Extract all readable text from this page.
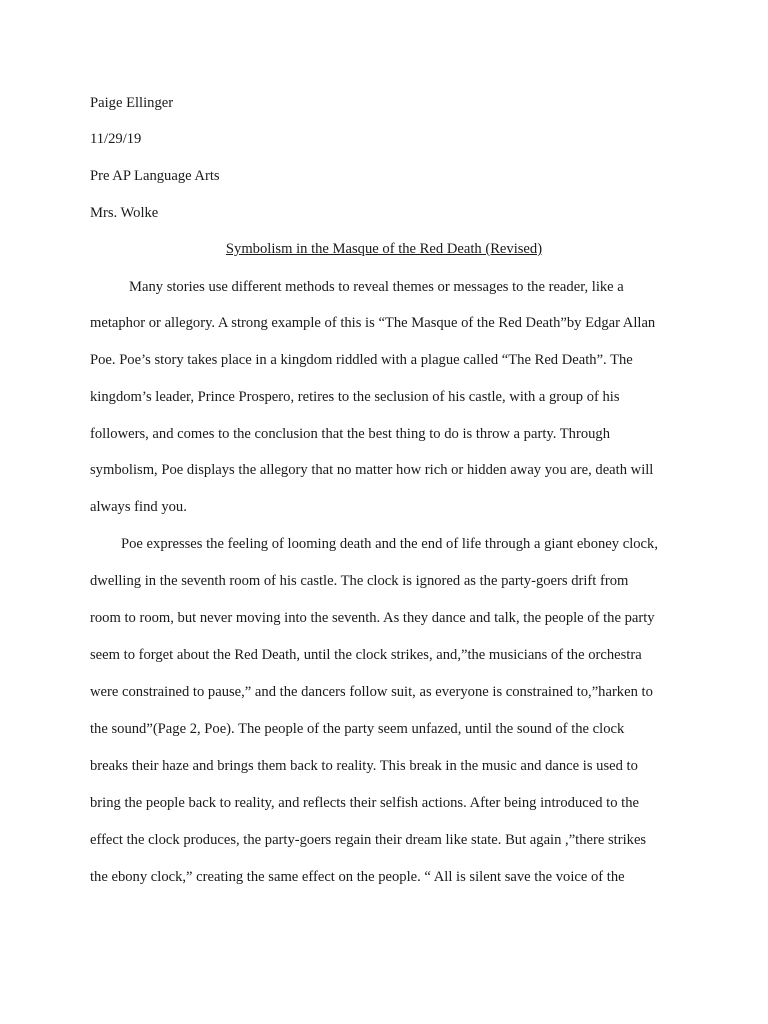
Paige Ellinger
11/29/19
Pre AP Language Arts
Mrs. Wolke
Symbolism in the Masque of the Red Death (Revised)
Many stories use different methods to reveal themes or messages to the reader, like a
metaphor or allegory. A strong example of this is “The Masque of the Red Death”by Edgar Allan
Poe. Poe’s story takes place in a kingdom riddled with a plague called “The Red Death”. The
kingdom’s leader, Prince Prospero, retires to the seclusion of his castle, with a group of his
followers, and comes to the conclusion that the best thing to do is throw a party. Through
symbolism, Poe displays the allegory that no matter how rich or hidden away you are, death will
always find you.
Poe expresses the feeling of looming death and the end of life through a giant eboney clock,
dwelling in the seventh room of his castle. The clock is ignored as the party-goers drift from
room to room, but never moving into the seventh. As they dance and talk, the people of the party
seem to forget about the Red Death, until the clock strikes, and,”the musicians of the orchestra
were constrained to pause,” and the dancers follow suit, as everyone is constrained to,”harken to
the sound”(Page 2, Poe). The people of the party seem unfazed, until the sound of the clock
breaks their haze and brings them back to reality. This break in the music and dance is used to
bring the people back to reality, and reflects their selfish actions. After being introduced to the
effect the clock produces, the party-goers regain their dream like state. But again ,”there strikes
the ebony clock,” creating the same effect on the people. “ All is silent save the voice of the
